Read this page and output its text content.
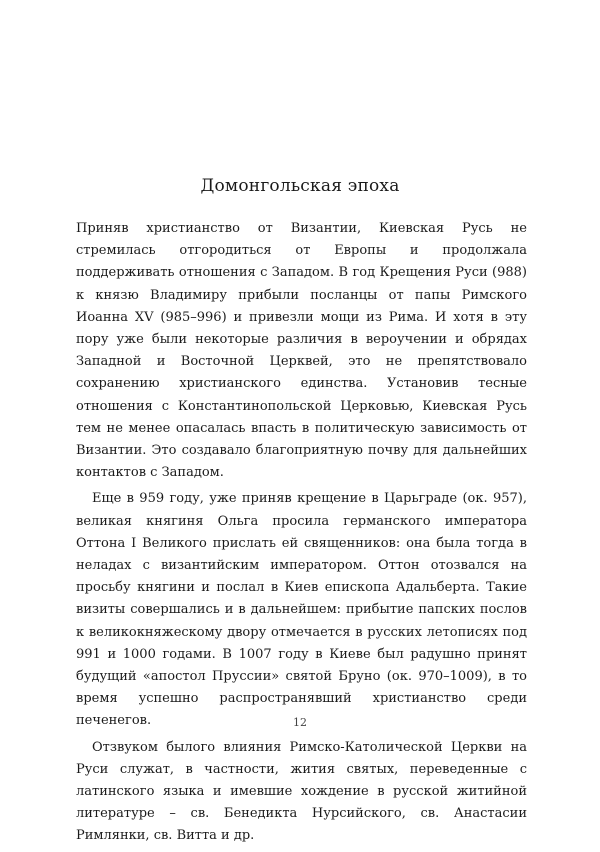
Домонгольская эпоха

Приняв христианство от Византии, Киевская Русь не стремилась отгородиться от Европы и продолжала поддерживать отношения с Западом. В год Крещения Руси (988) к князю Владимиру прибыли посланцы от папы Римского Иоанна XV (985–996) и привезли мощи из Рима. И хотя в эту пору уже были некоторые различия в вероучении и обрядах Западной и Восточной Церквей, это не препятствовало сохранению христианского единства. Установив тесные отношения с Константинопольской Церковью, Киевская Русь тем не менее опасалась впасть в политическую зависимость от Византии. Это создавало благоприятную почву для дальнейших контактов с Западом.

Еще в 959 году, уже приняв крещение в Царьграде (ок. 957), великая княгиня Ольга просила германского императора Оттона I Великого прислать ей священников: она была тогда в неладах с византийским императором. Оттон отозвался на просьбу княгини и послал в Киев епископа Адальберта. Такие визиты совершались и в дальнейшем: прибытие папских послов к великокняжескому двору отмечается в русских летописях под 991 и 1000 годами. В 1007 году в Киеве был радушно принят будущий «апостол Пруссии» святой Бруно (ок. 970–1009), в то время успешно распространявший христианство среди печенегов.

Отзвуком былого влияния Римско-Католической Церкви на Руси служат, в частности, жития святых, переведенные с латинского языка и имевшие хождение в русской житийной литературе – св. Бенедикта Нурсийского, св. Анастасии Римлянки, св. Витта и др.

12
